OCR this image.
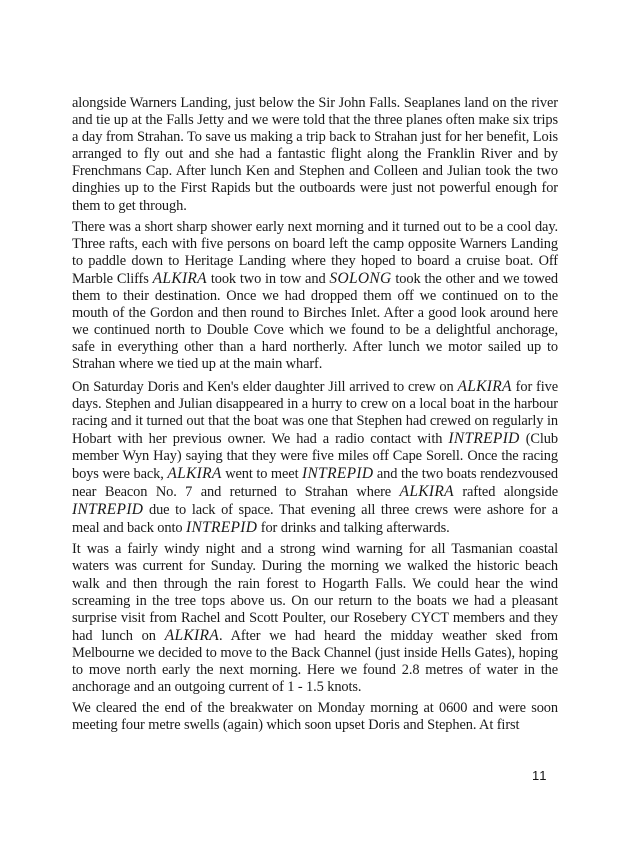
alongside Warners Landing, just below the Sir John Falls. Seaplanes land on the river and tie up at the Falls Jetty and we were told that the three planes often make six trips a day from Strahan. To save us making a trip back to Strahan just for her benefit, Lois arranged to fly out and she had a fantastic flight along the Franklin River and by Frenchmans Cap. After lunch Ken and Stephen and Colleen and Julian took the two dinghies up to the First Rapids but the outboards were just not powerful enough for them to get through.

There was a short sharp shower early next morning and it turned out to be a cool day. Three rafts, each with five persons on board left the camp opposite Warners Landing to paddle down to Heritage Landing where they hoped to board a cruise boat. Off Marble Cliffs ALKIRA took two in tow and SOLONG took the other and we towed them to their destination. Once we had dropped them off we continued on to the mouth of the Gordon and then round to Birches Inlet. After a good look around here we continued north to Double Cove which we found to be a delightful anchorage, safe in everything other than a hard northerly. After lunch we motor sailed up to Strahan where we tied up at the main wharf.

On Saturday Doris and Ken's elder daughter Jill arrived to crew on ALKIRA for five days. Stephen and Julian disappeared in a hurry to crew on a local boat in the harbour racing and it turned out that the boat was one that Stephen had crewed on regularly in Hobart with her previous owner. We had a radio contact with INTREPID (Club member Wyn Hay) saying that they were five miles off Cape Sorell. Once the racing boys were back, ALKIRA went to meet INTREPID and the two boats rendezvoused near Beacon No. 7 and returned to Strahan where ALKIRA rafted alongside INTREPID due to lack of space. That evening all three crews were ashore for a meal and back onto INTREPID for drinks and talking afterwards.

It was a fairly windy night and a strong wind warning for all Tasmanian coastal waters was current for Sunday. During the morning we walked the historic beach walk and then through the rain forest to Hogarth Falls. We could hear the wind screaming in the tree tops above us. On our return to the boats we had a pleasant surprise visit from Rachel and Scott Poulter, our Rosebery CYCT members and they had lunch on ALKIRA. After we had heard the midday weather sked from Melbourne we decided to move to the Back Channel (just inside Hells Gates), hoping to move north early the next morning. Here we found 2.8 metres of water in the anchorage and an outgoing current of 1 - 1.5 knots.

We cleared the end of the breakwater on Monday morning at 0600 and were soon meeting four metre swells (again) which soon upset Doris and Stephen. At first

11
